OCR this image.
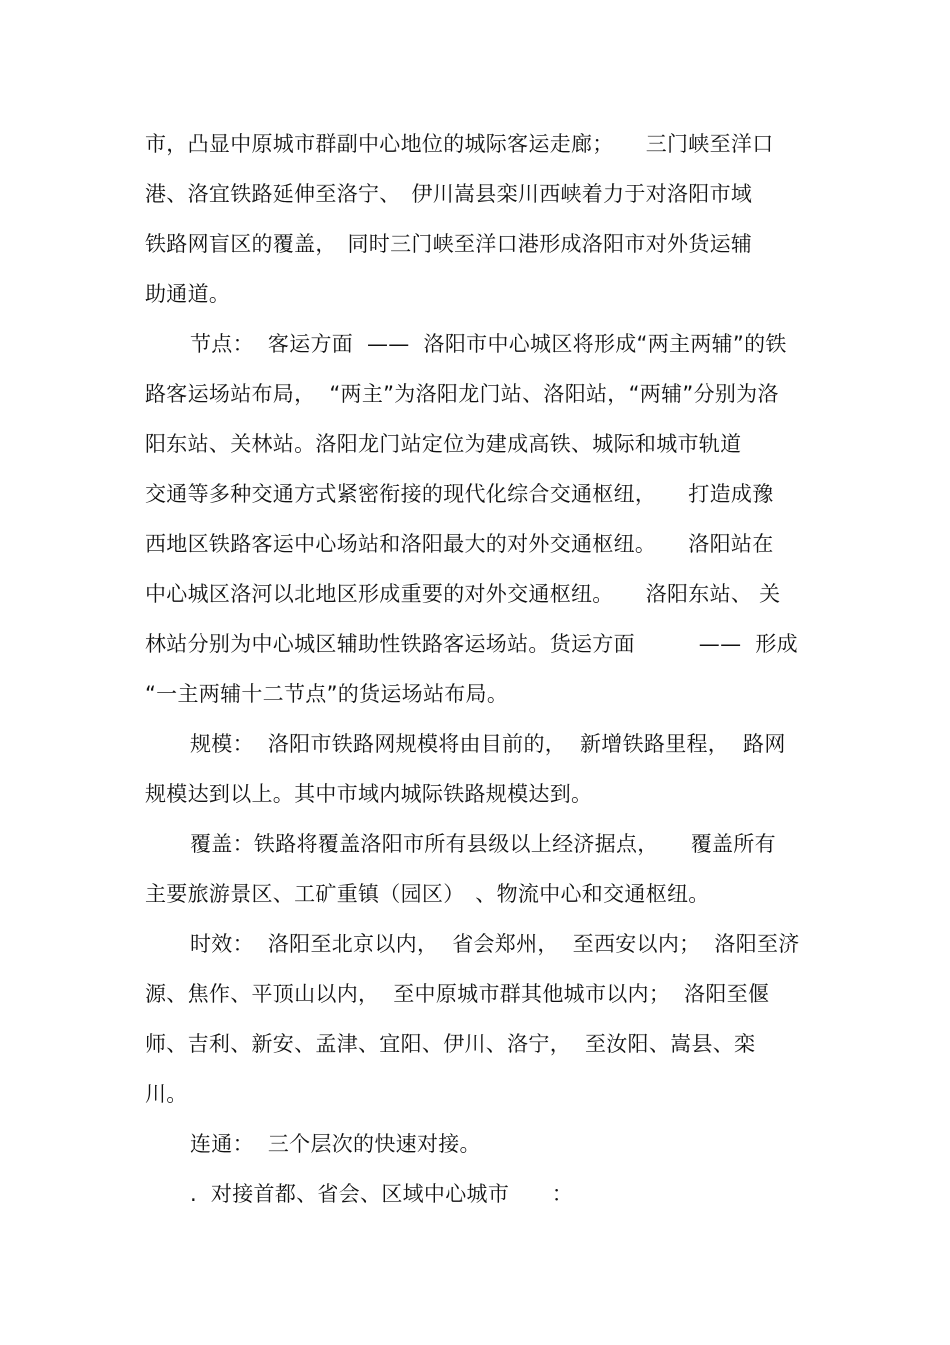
市，凸显中原城市群副中心地位的城际客运走廊；　　三门峡至洋口
港、洛宜铁路延伸至洛宁、　伊川嵩县栾川西峡着力于对洛阳市域
铁路网盲区的覆盖，　同时三门峡至洋口港形成洛阳市对外货运辅
助通道。
节点：  客运方面  ——  洛阳市中心城区将形成“两主两辅”的铁
路客运场站布局，  “两主”为洛阳龙门站、洛阳站，“两辅”分别为洛
阳东站、关林站。洛阳龙门站定位为建成高铁、城际和城市轨道
交通等多种交通方式紧密衔接的现代化综合交通枢纽，　　打造成豫
西地区铁路客运中心场站和洛阳最大的对外交通枢纽。　　洛阳站在
中心城区洛河以北地区形成重要的对外交通枢纽。　　洛阳东站、 关
林站分别为中心城区辅助性铁路客运场站。货运方面　　　——  形成
“一主两辅十二节点”的货运场站布局。
规模：  洛阳市铁路网规模将由目前的，  新增铁路里程，  路网
规模达到以上。其中市域内城际铁路规模达到。
覆盖：铁路将覆盖洛阳市所有县级以上经济据点，　　覆盖所有
主要旅游景区、工矿重镇（园区）　、物流中心和交通枢纽。
时效：  洛阳至北京以内，  省会郑州，  至西安以内；  洛阳至济
源、焦作、平顶山以内，  至中原城市群其他城市以内；  洛阳至偃
师、吉利、新安、孟津、宜阳、伊川、洛宁，  至汝阳、嵩县、栾
川。
连通：  三个层次的快速对接。
.  对接首都、省会、区域中心城市　　：
